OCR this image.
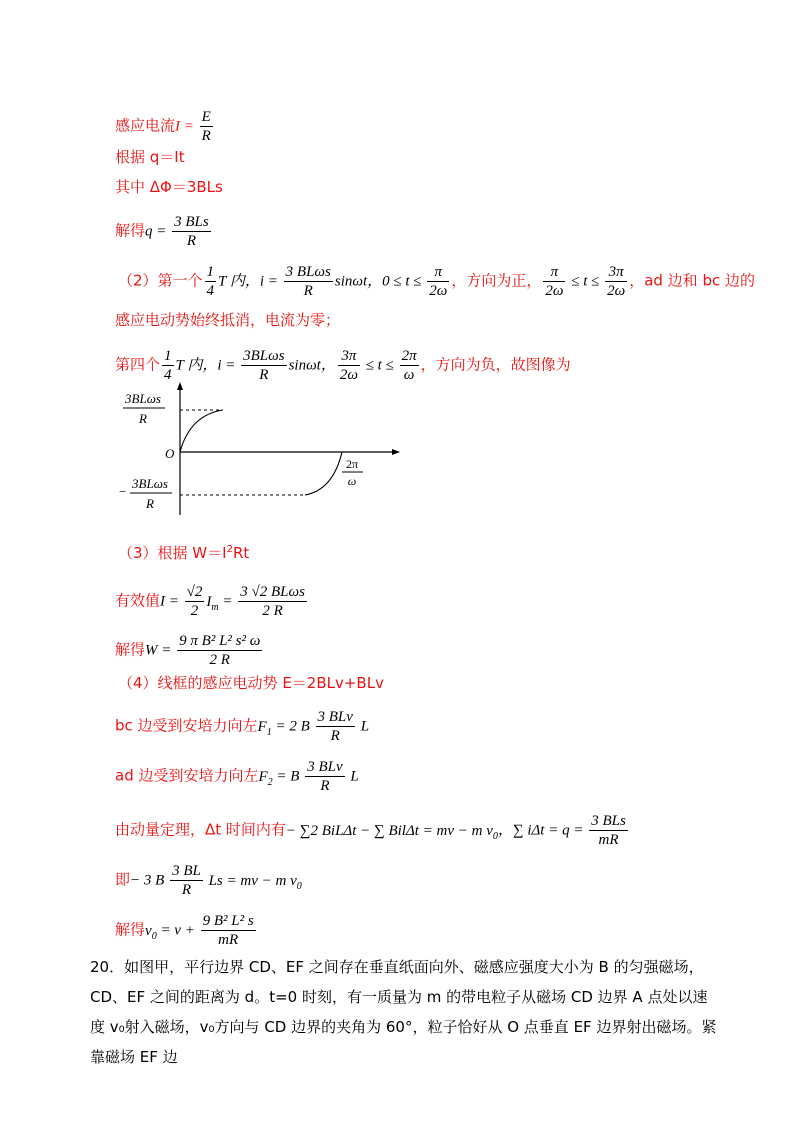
感应电流$I = \frac{E}{R}$
根据 q＝It
其中 ΔΦ＝3BLs
解得$q = \frac{\text{3 BLs}}{R}$
（2）第一个 $\frac{1}{4}$ T 内，$i = \frac{\text{3 BLωs}}{R}$ sinωt，$0 \le t \le \frac{\pi}{2\omega}$ ，方向为正， $\frac{\pi}{2\omega} \le t \le \frac{3\pi}{2\omega}$ ，ad 边和 bc 边的
感应电动势始终抵消，电流为零；
第四个 $\frac{1}{4}$ T 内，$i = \frac{\text{3BLωs}}{R}$ sinωt， $\frac{3\pi}{2\omega} \le t \le \frac{2\pi}{\omega}$ ，方向为负，故图像为
3BLωs
R
O
−
3BLωs
R
2π
ω
（3）根据 $W=I^2Rt$
有效值$I = \frac{√2}{2} I_m = \frac{\text{3 √2 BLωs}}{2 R}$
解得$W = \frac{\text{9 π B² L² s² ω}}{2 R}$
（4）线框的感应电动势 E＝2BLv+BLv
bc 边受到安培力向左$F_1 = 2$ B $\frac{\text{3 BLv}}{R}$ L
ad 边受到安培力向左$F_2 = B \frac{\text{3 BLv}}{R}$ L
由动量定理，Δt 时间内有− ∑2 BiLΔt − ∑ BilΔt = mv − m $v_0$，∑ $i\Delta t = q = \frac{\text{3 BLs}}{mR}$
即− 3 B $\frac{3 BL}{R}$ Ls = mv − m $v_0$
解得$v_0 = v + \frac{\text{9 B² L² s}}{mR}$
20．如图甲，平行边界 CD、EF 之间存在垂直纸面向外、磁感应强度大小为 B 的匀强磁场，CD、EF 之间的距离为 d。t=0 时刻，有一质量为 m 的带电粒子从磁场 CD 边界 A 点处以速度 v₀射入磁场，v₀方向与 CD 边界的夹角为 60°，粒子恰好从 O 点垂直 EF 边界射出磁场。紧靠磁场 EF 边
